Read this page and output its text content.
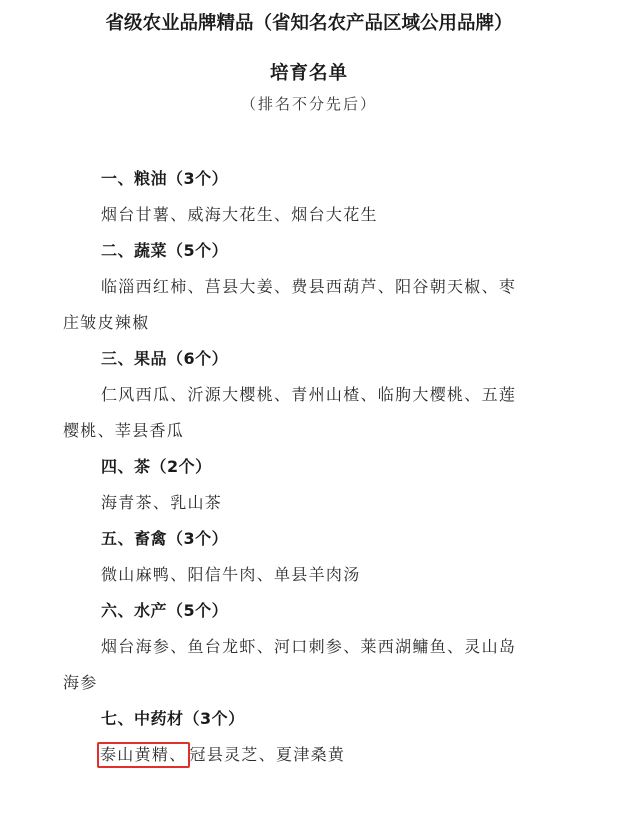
省级农业品牌精品（省知名农产品区域公用品牌）
培育名单
（排名不分先后）
一、粮油（3个）
烟台甘薯、威海大花生、烟台大花生
二、蔬菜（5个）
临淄西红柿、莒县大姜、费县西葫芦、阳谷朝天椒、枣
庄皱皮辣椒
三、果品（6个）
仁风西瓜、沂源大樱桃、青州山楂、临朐大樱桃、五莲
樱桃、莘县香瓜
四、茶（2个）
海青茶、乳山茶
五、畜禽（3个）
微山麻鸭、阳信牛肉、单县羊肉汤
六、水产（5个）
烟台海参、鱼台龙虾、河口刺参、莱西湖鳙鱼、灵山岛
海参
七、中药材（3个）
泰山黄精、 冠县灵芝、夏津桑黄
